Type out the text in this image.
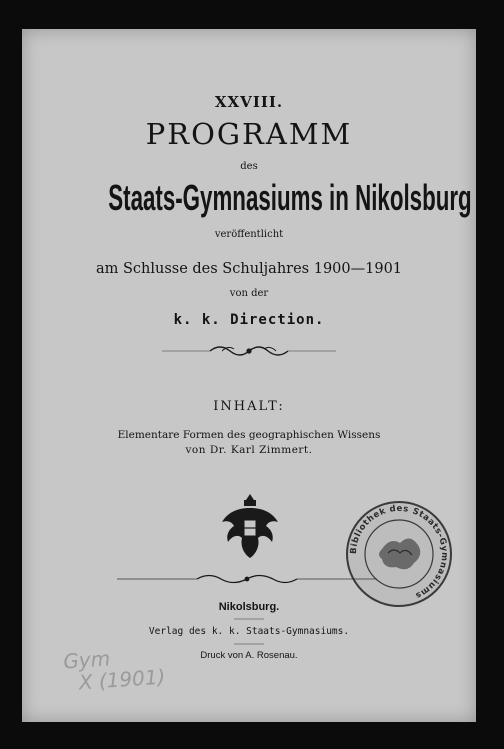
XXVIII.
PROGRAMM
des
Staats-Gymnasiums in Nikolsburg
veröffentlicht
am Schlusse des Schuljahres 1900—1901
von der
k. k. Direction.
INHALT:
Elementare Formen des geographischen Wissens
von Dr. Karl Zimmert.
Bibliothek des Staats-Gymnasiums
Nikolsburg.
Verlag des k. k. Staats-Gymnasiums.
Druck von A. Rosenau.
Gym
X (1901)
